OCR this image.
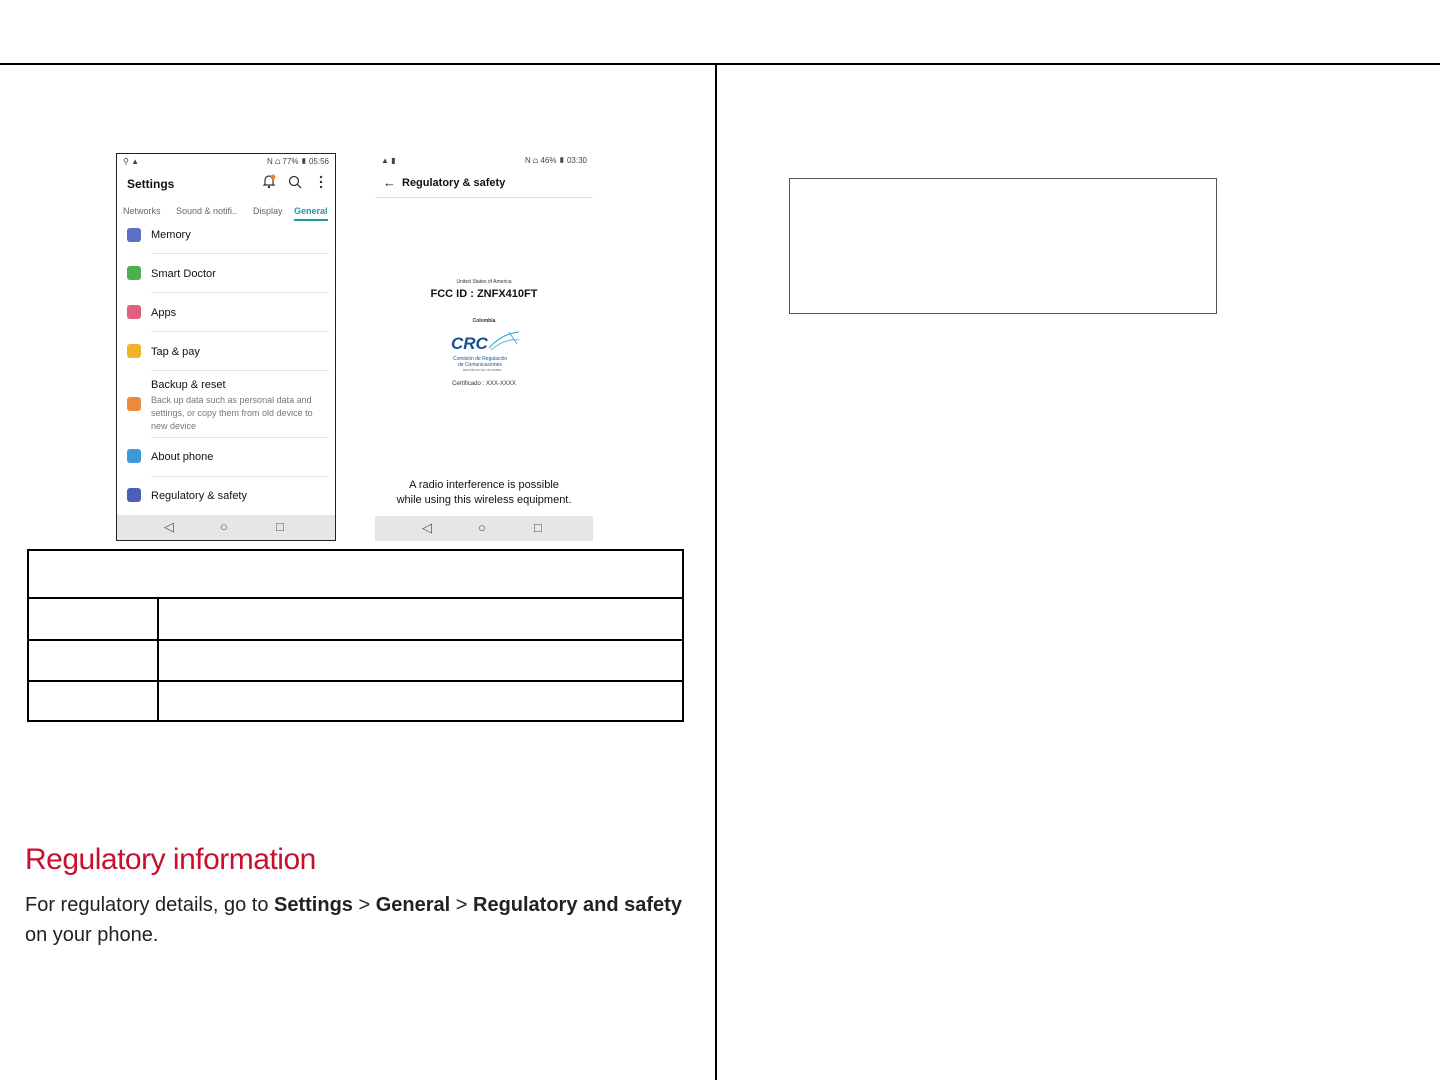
⚲ ▲	N ⩍ 77% ▮ 05:56
Settings
Networks Sound & notifi.. Display General
Memory
Smart Doctor
Apps
Tap & pay
Backup & reset
Back up data such as personal data and settings, or copy them from old device to new device
About phone
Regulatory & safety
◁	○	□
▲ ▮	N ⩍ 46% ▮ 03:30
← Regulatory & safety
United States of America
FCC ID : ZNFX410FT
Colombia
CRC
Comisión de Regulación
de Comunicaciones
REPÚBLICA DE COLOMBIA
Certificado : XXX-XXXX
A radio interference is possible
while using this wireless equipment.
◁	○	□
Regulatory information
For regulatory details, go to Settings > General > Regulatory and safety on your phone.
